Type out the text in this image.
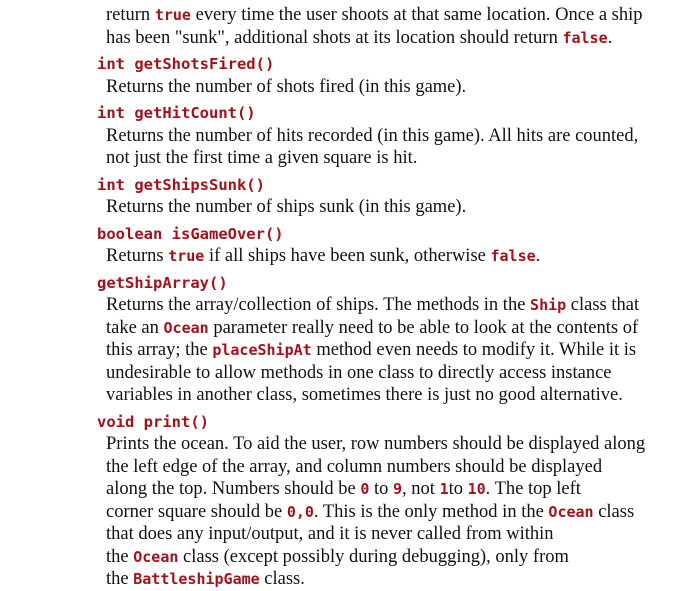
return true every time the user shoots at that same location. Once a ship
has been "sunk", additional shots at its location should return false.
int getShotsFired()
Returns the number of shots fired (in this game).
int getHitCount()
Returns the number of hits recorded (in this game). All hits are counted,
not just the first time a given square is hit.
int getShipsSunk()
Returns the number of ships sunk (in this game).
boolean isGameOver()
Returns true if all ships have been sunk, otherwise false.
getShipArray()
Returns the array/collection of ships. The methods in the Ship class that
take an Ocean parameter really need to be able to look at the contents of
this array; the placeShipAt method even needs to modify it. While it is
undesirable to allow methods in one class to directly access instance
variables in another class, sometimes there is just no good alternative.
void print()
Prints the ocean. To aid the user, row numbers should be displayed along
the left edge of the array, and column numbers should be displayed
along the top. Numbers should be 0 to 9, not 1to 10. The top left
corner square should be 0,0. This is the only method in the Ocean class
that does any input/output, and it is never called from within
the Ocean class (except possibly during debugging), only from
the BattleshipGame class.
